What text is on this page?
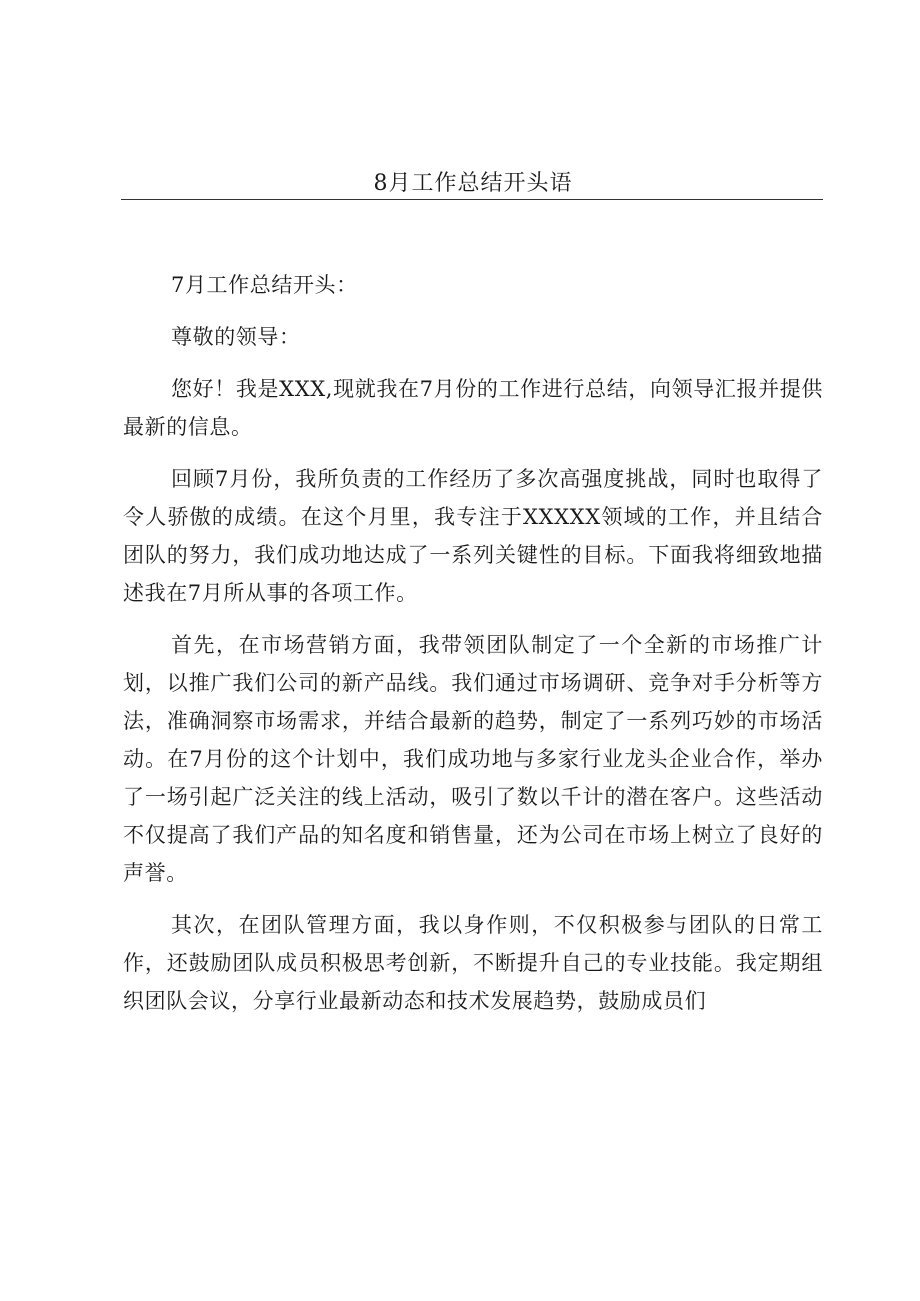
8月工作总结开头语

7月工作总结开头：

尊敬的领导：

您好！我是XXX,现就我在7月份的工作进行总结，向领导汇报并提供最新的信息。

回顾7月份，我所负责的工作经历了多次高强度挑战，同时也取得了令人骄傲的成绩。在这个月里，我专注于XXXXX领域的工作，并且结合团队的努力，我们成功地达成了一系列关键性的目标。下面我将细致地描述我在7月所从事的各项工作。

首先，在市场营销方面，我带领团队制定了一个全新的市场推广计划，以推广我们公司的新产品线。我们通过市场调研、竞争对手分析等方法，准确洞察市场需求，并结合最新的趋势，制定了一系列巧妙的市场活动。在7月份的这个计划中，我们成功地与多家行业龙头企业合作，举办了一场引起广泛关注的线上活动，吸引了数以千计的潜在客户。这些活动不仅提高了我们产品的知名度和销售量，还为公司在市场上树立了良好的声誉。

其次，在团队管理方面，我以身作则，不仅积极参与团队的日常工作，还鼓励团队成员积极思考创新，不断提升自己的专业技能。我定期组织团队会议，分享行业最新动态和技术发展趋势，鼓励成员们
